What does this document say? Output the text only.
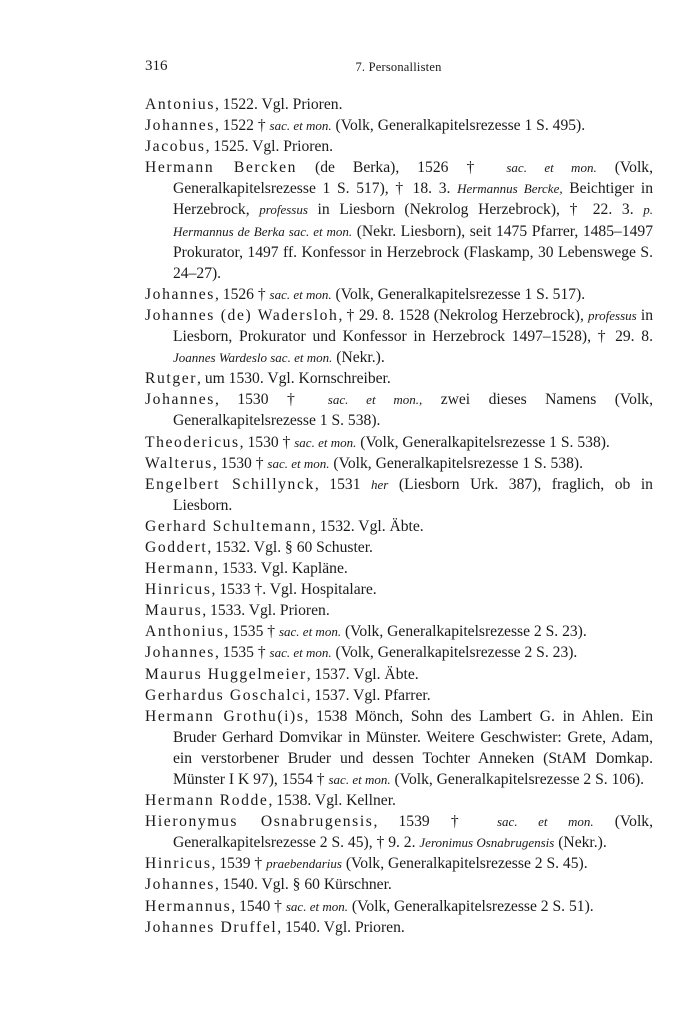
316	7. Personallisten

Antonius, 1522. Vgl. Prioren.

Johannes, 1522 † sac. et mon. (Volk, Generalkapitelsrezesse 1 S. 495).

Jacobus, 1525. Vgl. Prioren.

Hermann Bercken (de Berka), 1526 † sac. et mon. (Volk, Generalkapitelsrezesse 1 S. 517), † 18. 3. Hermannus Bercke, Beichtiger in Herzebrock, professus in Liesborn (Nekrolog Herzebrock), † 22. 3. p. Hermannus de Berka sac. et mon. (Nekr. Liesborn), seit 1475 Pfarrer, 1485–1497 Prokurator, 1497 ff. Konfessor in Herzebrock (Flaskamp, 30 Lebenswege S. 24–27).

Johannes, 1526 † sac. et mon. (Volk, Generalkapitelsrezesse 1 S. 517).

Johannes (de) Wadersloh, † 29. 8. 1528 (Nekrolog Herzebrock), professus in Liesborn, Prokurator und Konfessor in Herzebrock 1497–1528), † 29. 8. Joannes Wardeslo sac. et mon. (Nekr.).

Rutger, um 1530. Vgl. Kornschreiber.

Johannes, 1530 † sac. et mon., zwei dieses Namens (Volk, Generalkapitelsrezesse 1 S. 538).

Theodericus, 1530 † sac. et mon. (Volk, Generalkapitelsrezesse 1 S. 538).

Walterus, 1530 † sac. et mon. (Volk, Generalkapitelsrezesse 1 S. 538).

Engelbert Schillynck, 1531 her (Liesborn Urk. 387), fraglich, ob in Liesborn.

Gerhard Schultemann, 1532. Vgl. Äbte.

Goddert, 1532. Vgl. § 60 Schuster.

Hermann, 1533. Vgl. Kapläne.

Hinricus, 1533 †. Vgl. Hospitalare.

Maurus, 1533. Vgl. Prioren.

Anthonius, 1535 † sac. et mon. (Volk, Generalkapitelsrezesse 2 S. 23).

Johannes, 1535 † sac. et mon. (Volk, Generalkapitelsrezesse 2 S. 23).

Maurus Huggelmeier, 1537. Vgl. Äbte.

Gerhardus Goschalci, 1537. Vgl. Pfarrer.

Hermann Grothu(i)s, 1538 Mönch, Sohn des Lambert G. in Ahlen. Ein Bruder Gerhard Domvikar in Münster. Weitere Geschwister: Grete, Adam, ein verstorbener Bruder und dessen Tochter Anneken (StAM Domkap. Münster I K 97), 1554 † sac. et mon. (Volk, Generalkapitelsrezesse 2 S. 106).

Hermann Rodde, 1538. Vgl. Kellner.

Hieronymus Osnabrugensis, 1539 † sac. et mon. (Volk, Generalkapitelsrezesse 2 S. 45), † 9. 2. Jeronimus Osnabrugensis (Nekr.).

Hinricus, 1539 † praebendarius (Volk, Generalkapitelsrezesse 2 S. 45).

Johannes, 1540. Vgl. § 60 Kürschner.

Hermannus, 1540 † sac. et mon. (Volk, Generalkapitelsrezesse 2 S. 51).

Johannes Druffel, 1540. Vgl. Prioren.
